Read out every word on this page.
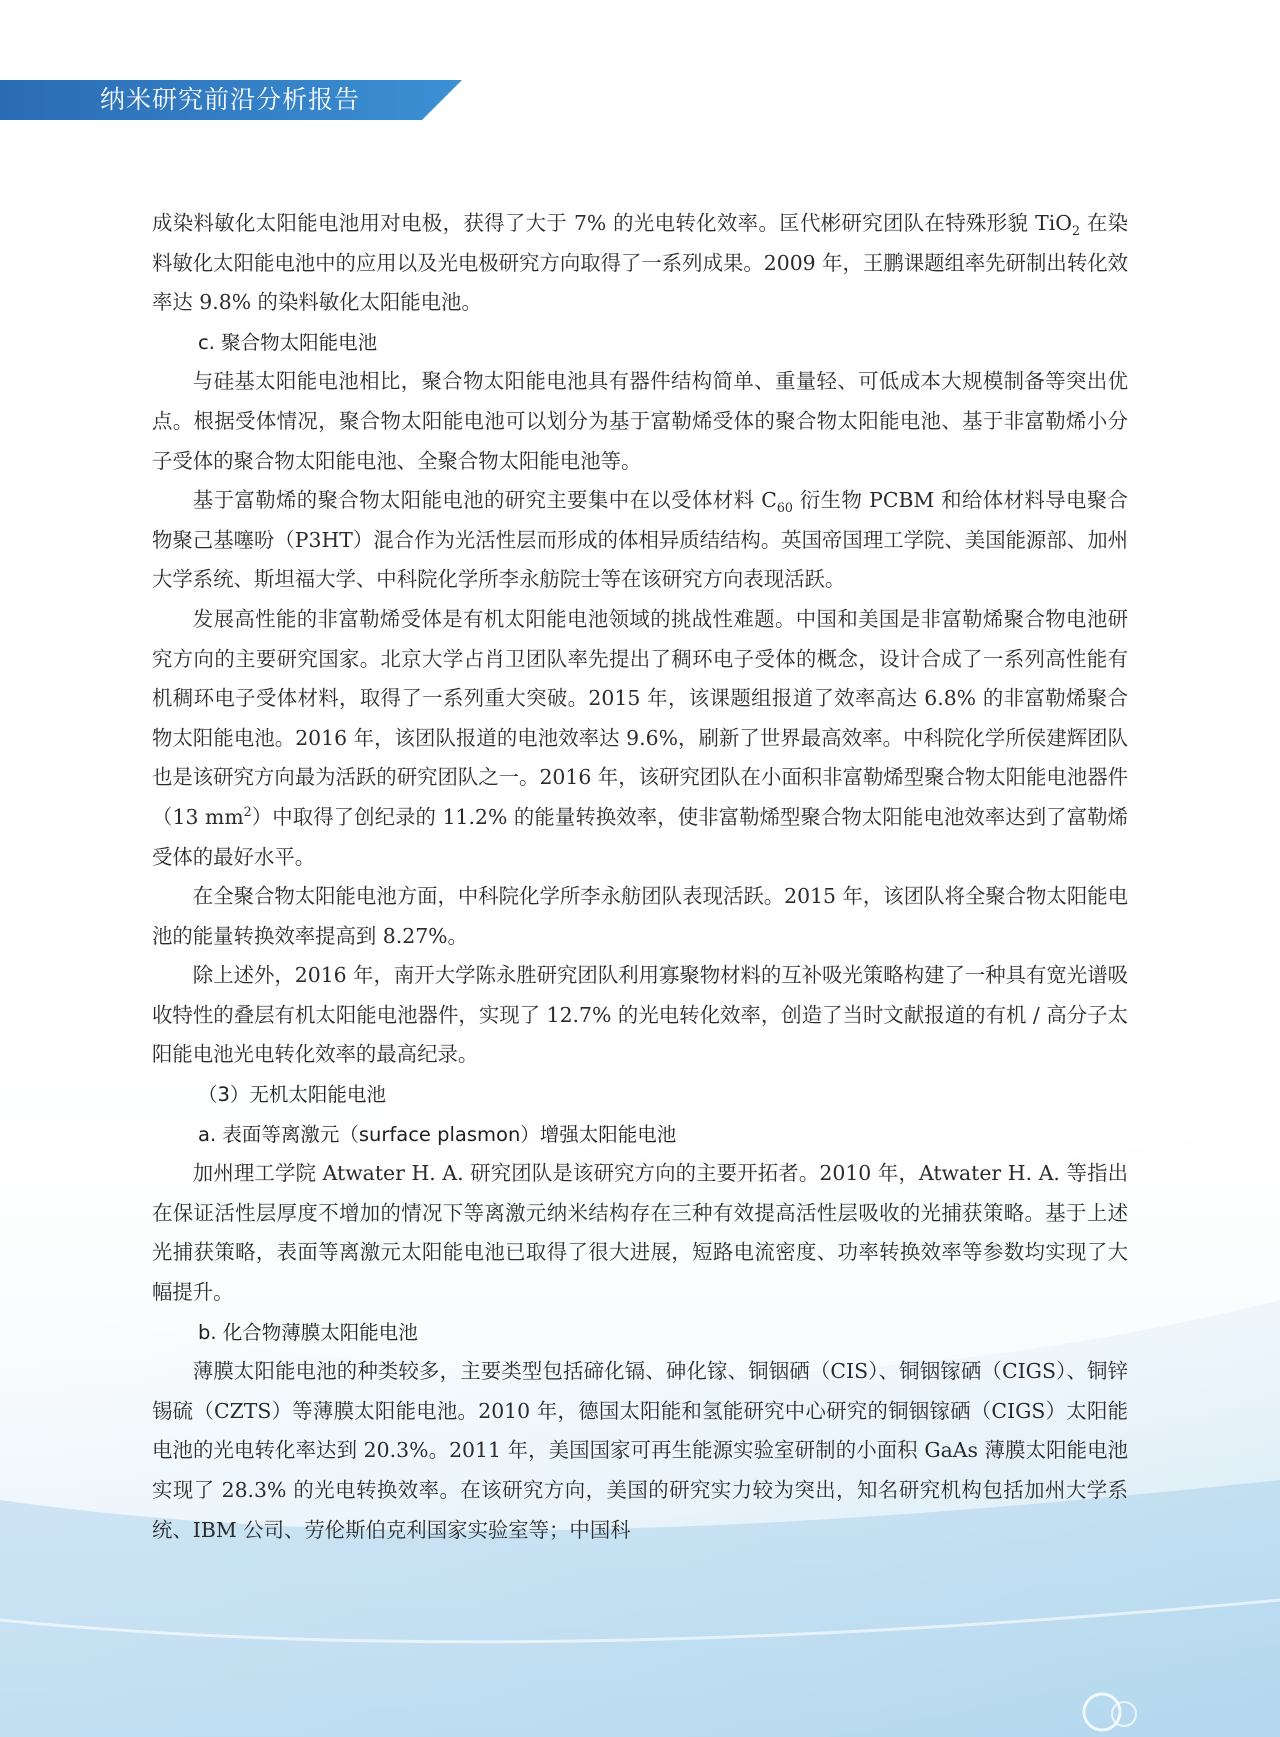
纳米研究前沿分析报告

成染料敏化太阳能电池用对电极，获得了大于 7% 的光电转化效率。匡代彬研究团队在特殊形貌 TiO$_2$ 在染料敏化太阳能电池中的应用以及光电极研究方向取得了一系列成果。2009 年，王鹏课题组率先研制出转化效率达 9.8% 的染料敏化太阳能电池。

c. 聚合物太阳能电池

与硅基太阳能电池相比，聚合物太阳能电池具有器件结构简单、重量轻、可低成本大规模制备等突出优点。根据受体情况，聚合物太阳能电池可以划分为基于富勒烯受体的聚合物太阳能电池、基于非富勒烯小分子受体的聚合物太阳能电池、全聚合物太阳能电池等。

基于富勒烯的聚合物太阳能电池的研究主要集中在以受体材料 $C_{60}$ 衍生物 PCBM 和给体材料导电聚合物聚己基噻吩（P3HT）混合作为光活性层而形成的体相异质结结构。英国帝国理工学院、美国能源部、加州大学系统、斯坦福大学、中科院化学所李永舫院士等在该研究方向表现活跃。

发展高性能的非富勒烯受体是有机太阳能电池领域的挑战性难题。中国和美国是非富勒烯聚合物电池研究方向的主要研究国家。北京大学占肖卫团队率先提出了稠环电子受体的概念，设计合成了一系列高性能有机稠环电子受体材料，取得了一系列重大突破。2015 年，该课题组报道了效率高达 6.8% 的非富勒烯聚合物太阳能电池。2016 年，该团队报道的电池效率达 9.6%，刷新了世界最高效率。中科院化学所侯建辉团队也是该研究方向最为活跃的研究团队之一。2016 年，该研究团队在小面积非富勒烯型聚合物太阳能电池器件（13 $mm^2$）中取得了创纪录的 11.2% 的能量转换效率，使非富勒烯型聚合物太阳能电池效率达到了富勒烯受体的最好水平。

在全聚合物太阳能电池方面，中科院化学所李永舫团队表现活跃。2015 年，该团队将全聚合物太阳能电池的能量转换效率提高到 8.27%。

除上述外，2016 年，南开大学陈永胜研究团队利用寡聚物材料的互补吸光策略构建了一种具有宽光谱吸收特性的叠层有机太阳能电池器件，实现了 12.7% 的光电转化效率，创造了当时文献报道的有机 / 高分子太阳能电池光电转化效率的最高纪录。

（3）无机太阳能电池
a. 表面等离激元（surface plasmon）增强太阳能电池

加州理工学院 Atwater H. A. 研究团队是该研究方向的主要开拓者。2010 年，Atwater H. A. 等指出在保证活性层厚度不增加的情况下等离激元纳米结构存在三种有效提高活性层吸收的光捕获策略。基于上述光捕获策略，表面等离激元太阳能电池已取得了很大进展，短路电流密度、功率转换效率等参数均实现了大幅提升。

b. 化合物薄膜太阳能电池

薄膜太阳能电池的种类较多，主要类型包括碲化镉、砷化镓、铜铟硒（CIS）、铜铟镓硒（CIGS）、铜锌锡硫（CZTS）等薄膜太阳能电池。2010 年，德国太阳能和氢能研究中心研究的铜铟镓硒（CIGS）太阳能电池的光电转化率达到 20.3%。2011 年，美国国家可再生能源实验室研制的小面积 GaAs 薄膜太阳能电池实现了 28.3% 的光电转换效率。在该研究方向，美国的研究实力较为突出，知名研究机构包括加州大学系统、IBM 公司、劳伦斯伯克利国家实验室等；中国科
